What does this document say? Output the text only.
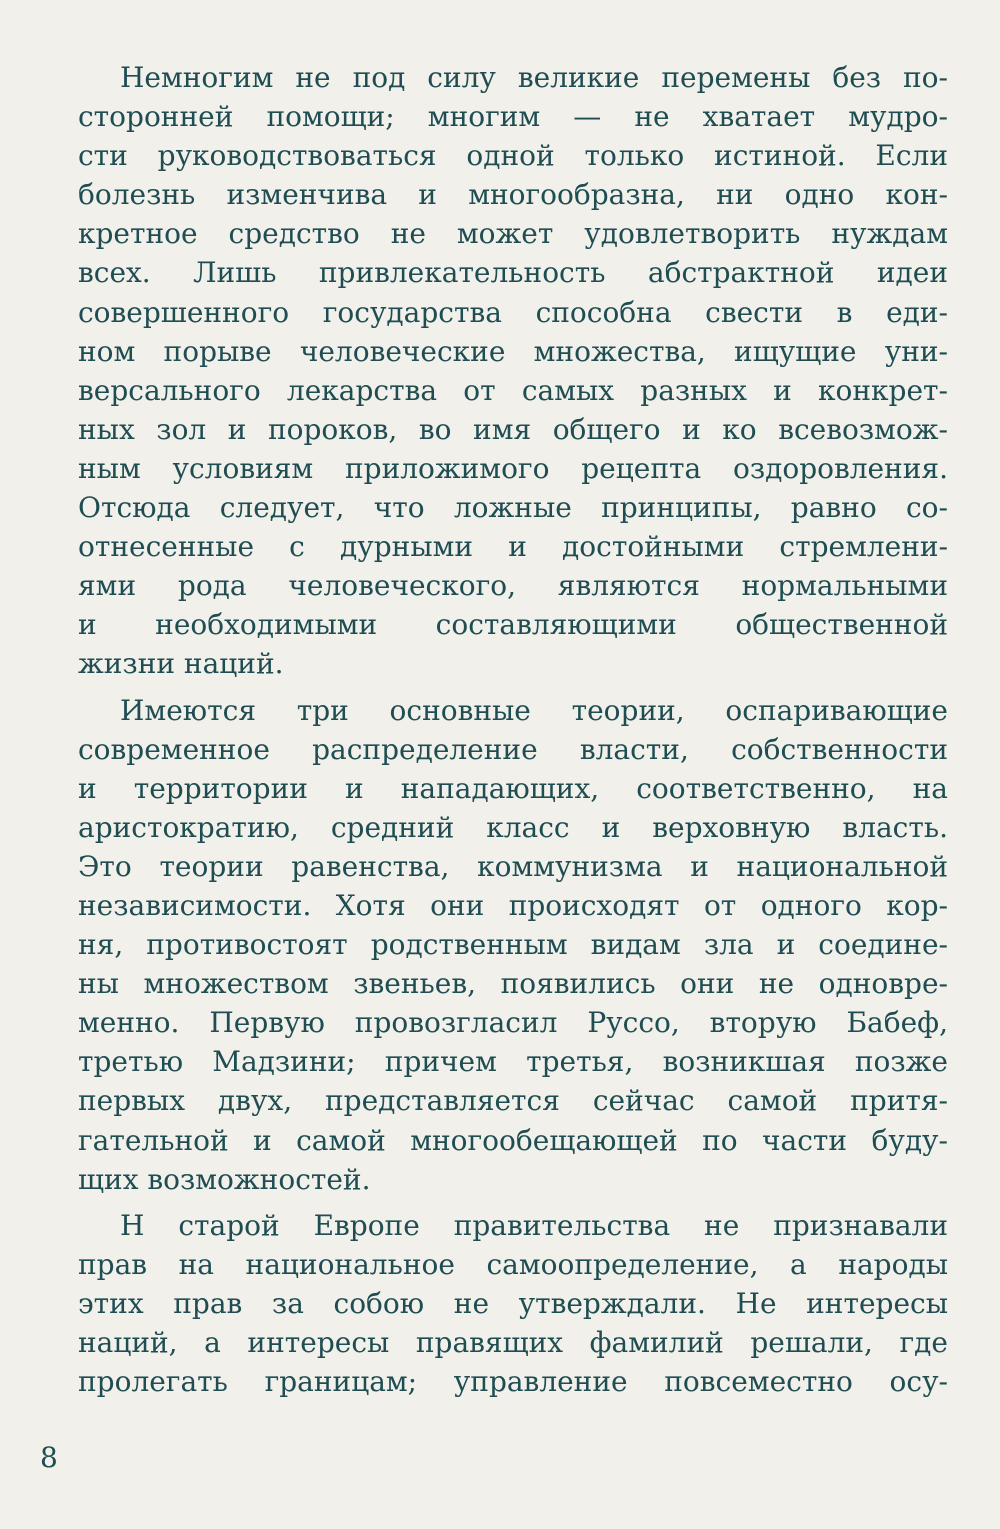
Немногим не под силу великие перемены без по-
сторонней помощи; многим — не хватает мудро-
сти руководствоваться одной только истиной. Если
болезнь изменчива и многообразна, ни одно кон-
кретное средство не может удовлетворить нуждам
всех. Лишь привлекательность абстрактной идеи
совершенного государства способна свести в еди-
ном порыве человеческие множества, ищущие уни-
версального лекарства от самых разных и конкрет-
ных зол и пороков, во имя общего и ко всевозмож-
ным условиям приложимого рецепта оздоровления.
Отсюда следует, что ложные принципы, равно со-
отнесенные с дурными и достойными стремлени-
ями рода человеческого, являются нормальными
и необходимыми составляющими общественной
жизни наций.
Имеются три основные теории, оспаривающие
современное распределение власти, собственности
и территории и нападающих, соответственно, на
аристократию, средний класс и верховную власть.
Это теории равенства, коммунизма и национальной
независимости. Хотя они происходят от одного кор-
ня, противостоят родственным видам зла и соедине-
ны множеством звеньев, появились они не одновре-
менно. Первую провозгласил Руссо, вторую Бабеф,
третью Мадзини; причем третья, возникшая позже
первых двух, представляется сейчас самой притя-
гательной и самой многообещающей по части буду-
щих возможностей.
Н старой Европе правительства не признавали
прав на национальное самоопределение, а народы
этих прав за собою не утверждали. Не интересы
наций, а интересы правящих фамилий решали, где
пролегать границам; управление повсеместно осу-
8
